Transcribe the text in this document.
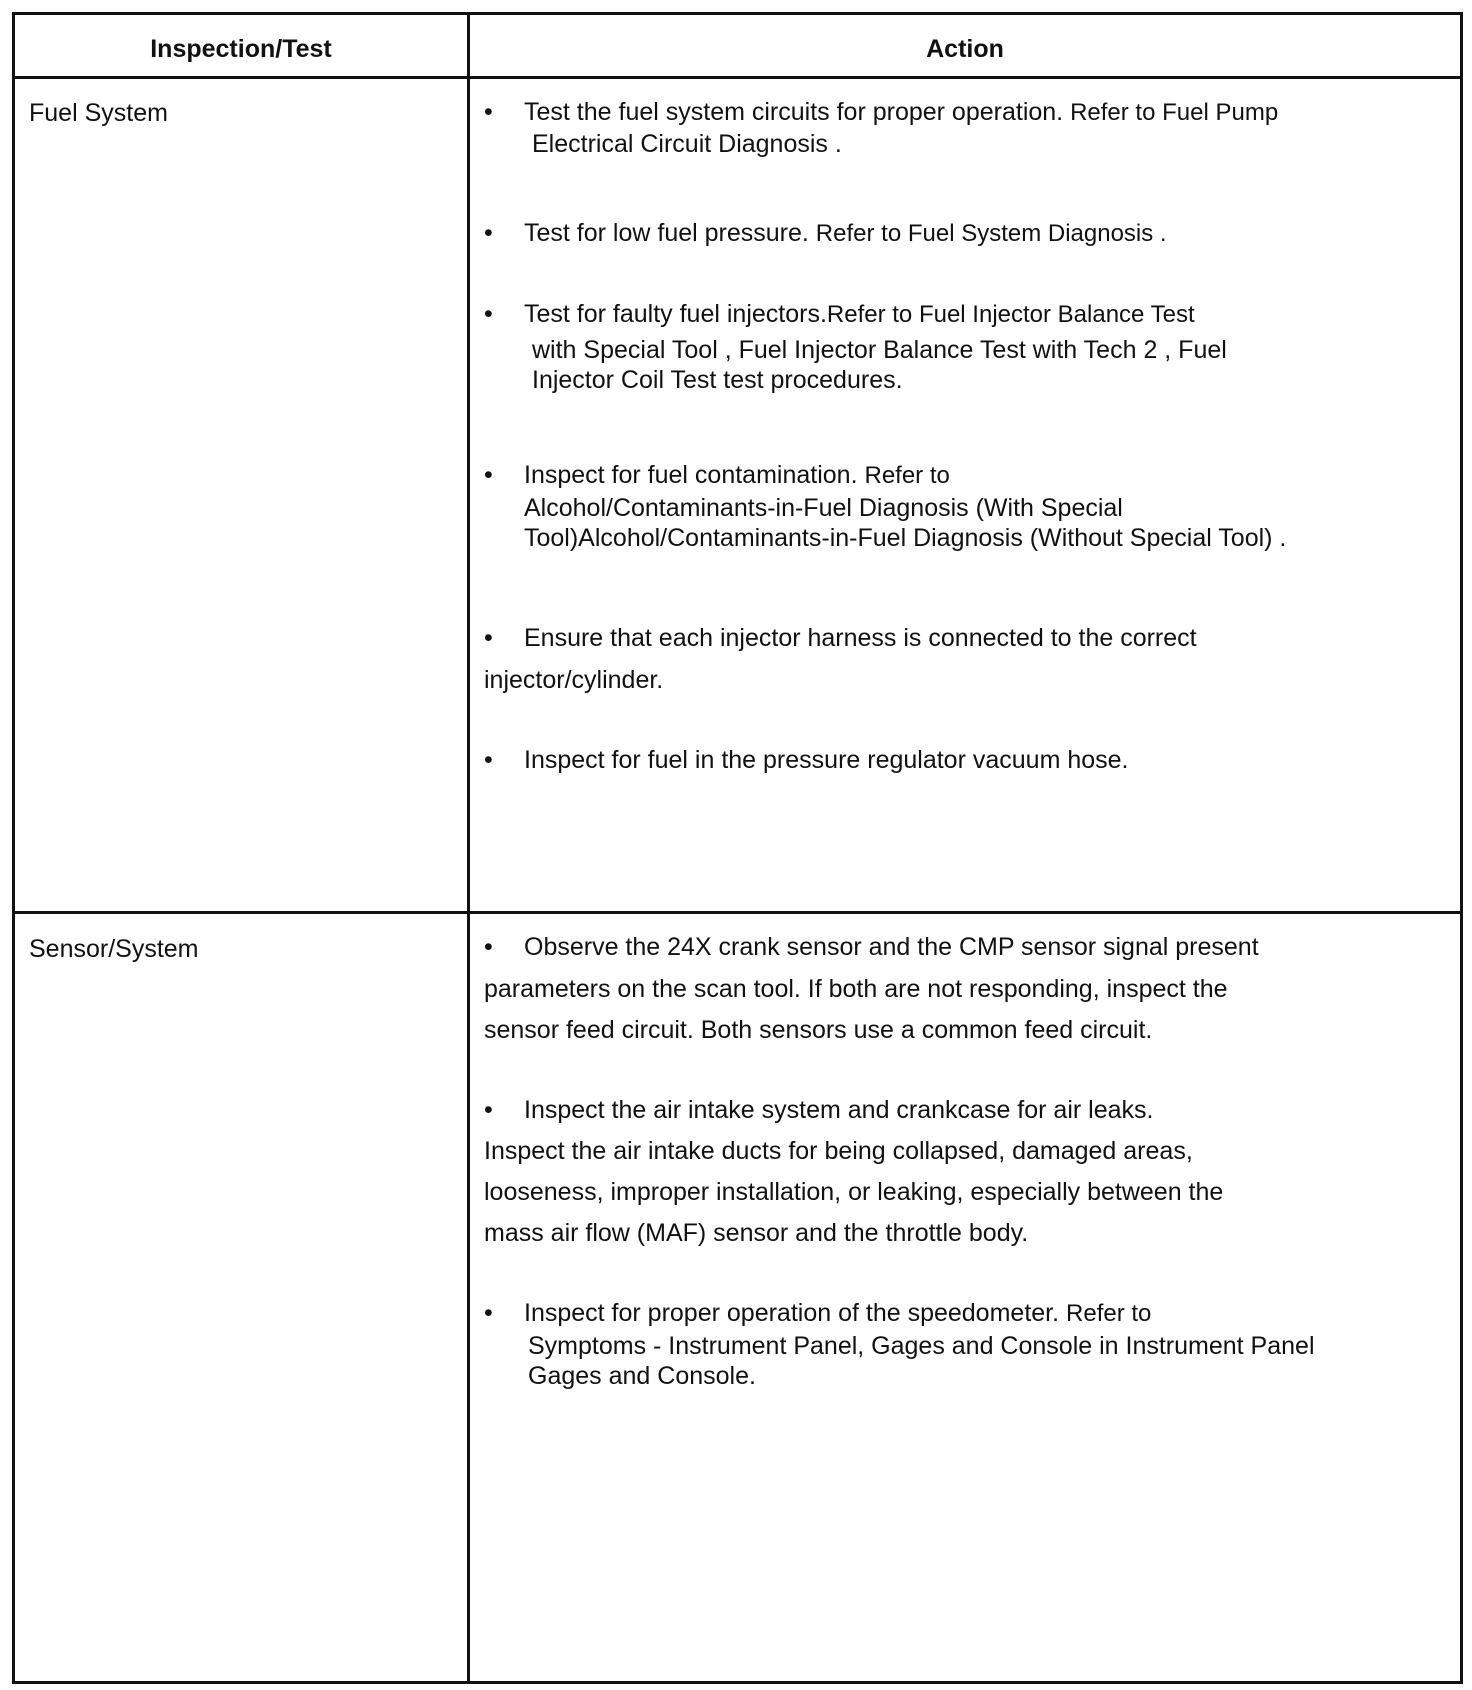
Inspection/Test	Action
Fuel System
Sensor/System
• Test the fuel system circuits for proper operation. Refer to Fuel Pump
Electrical Circuit Diagnosis .
• Test for low fuel pressure. Refer to Fuel System Diagnosis .
• Test for faulty fuel injectors.Refer to Fuel Injector Balance Test
with Special Tool , Fuel Injector Balance Test with Tech 2 , Fuel
Injector Coil Test test procedures.
• Inspect for fuel contamination. Refer to
Alcohol/Contaminants-in-Fuel Diagnosis (With Special
Tool)Alcohol/Contaminants-in-Fuel Diagnosis (Without Special Tool) .
• Ensure that each injector harness is connected to the correct
injector/cylinder.
• Inspect for fuel in the pressure regulator vacuum hose.
• Observe the 24X crank sensor and the CMP sensor signal present
parameters on the scan tool. If both are not responding, inspect the
sensor feed circuit. Both sensors use a common feed circuit.
• Inspect the air intake system and crankcase for air leaks.
Inspect the air intake ducts for being collapsed, damaged areas,
looseness, improper installation, or leaking, especially between the
mass air flow (MAF) sensor and the throttle body.
• Inspect for proper operation of the speedometer. Refer to
Symptoms - Instrument Panel, Gages and Console in Instrument Panel
Gages and Console.
